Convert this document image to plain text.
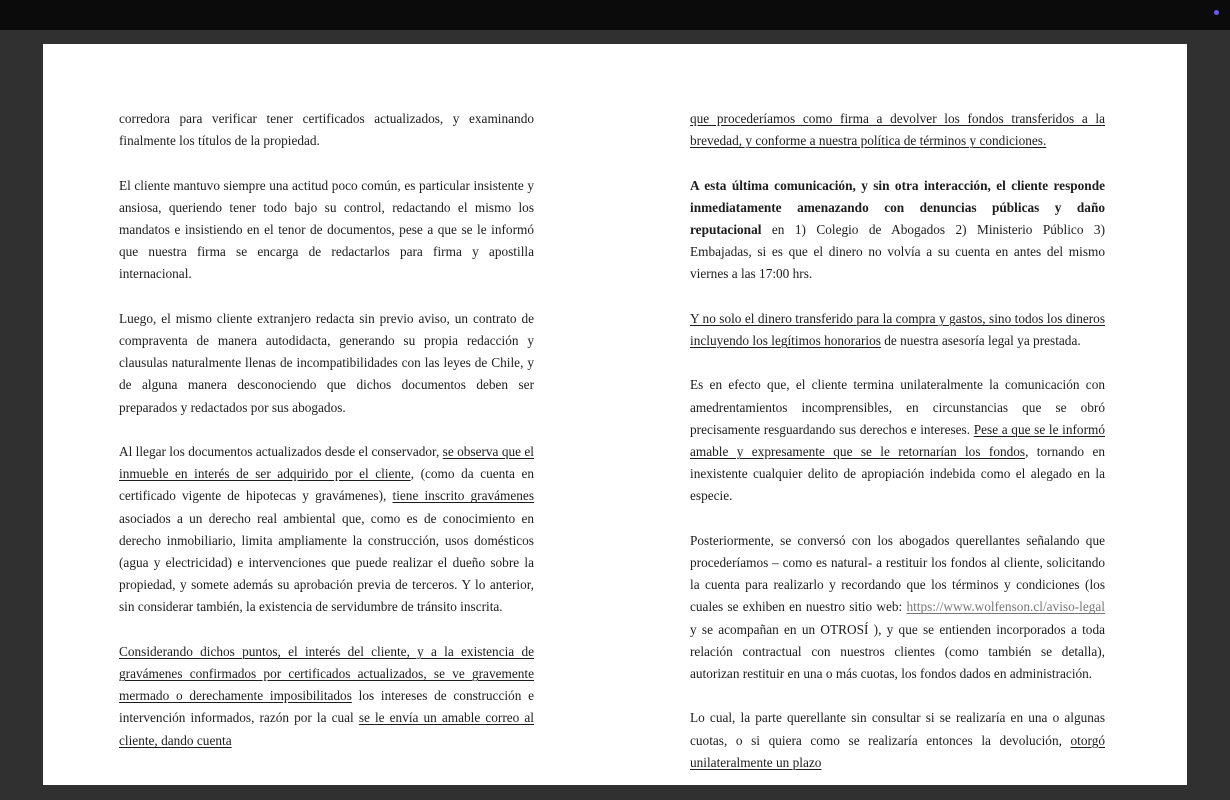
corredora para verificar tener certificados actualizados, y examinando finalmente los títulos de la propiedad.

El cliente mantuvo siempre una actitud poco común, es particular insistente y ansiosa, queriendo tener todo bajo su control, redactando el mismo los mandatos e insistiendo en el tenor de documentos, pese a que se le informó que nuestra firma se encarga de redactarlos para firma y apostilla internacional.

Luego, el mismo cliente extranjero redacta sin previo aviso, un contrato de compraventa de manera autodidacta, generando su propia redacción y clausulas naturalmente llenas de incompatibilidades con las leyes de Chile, y de alguna manera desconociendo que dichos documentos deben ser preparados y redactados por sus abogados.

Al llegar los documentos actualizados desde el conservador, se observa que el inmueble en interés de ser adquirido por el cliente, (como da cuenta en certificado vigente de hipotecas y gravámenes), tiene inscrito gravámenes asociados a un derecho real ambiental que, como es de conocimiento en derecho inmobiliario, limita ampliamente la construcción, usos domésticos (agua y electricidad) e intervenciones que puede realizar el dueño sobre la propiedad, y somete además su aprobación previa de terceros. Y lo anterior, sin considerar también, la existencia de servidumbre de tránsito inscrita.

Considerando dichos puntos, el interés del cliente, y a la existencia de gravámenes confirmados por certificados actualizados, se ve gravemente mermado o derechamente imposibilitados los intereses de construcción e intervención informados, razón por la cual se le envía un amable correo al cliente, dando cuenta

que procederíamos como firma a devolver los fondos transferidos a la brevedad, y conforme a nuestra política de términos y condiciones.

A esta última comunicación, y sin otra interacción, el cliente responde inmediatamente amenazando con denuncias públicas y daño reputacional en 1) Colegio de Abogados 2) Ministerio Público 3) Embajadas, si es que el dinero no volvía a su cuenta en antes del mismo viernes a las 17:00 hrs.

Y no solo el dinero transferido para la compra y gastos, sino todos los dineros incluyendo los legítimos honorarios de nuestra asesoría legal ya prestada.

Es en efecto que, el cliente termina unilateralmente la comunicación con amedrentamientos incomprensibles, en circunstancias que se obró precisamente resguardando sus derechos e intereses. Pese a que se le informó amable y expresamente que se le retornarían los fondos, tornando en inexistente cualquier delito de apropiación indebida como el alegado en la especie.

Posteriormente, se conversó con los abogados querellantes señalando que procederíamos – como es natural- a restituir los fondos al cliente, solicitando la cuenta para realizarlo y recordando que los términos y condiciones (los cuales se exhiben en nuestro sitio web: https://www.wolfenson.cl/aviso-legal y se acompañan en un OTROSÍ ), y que se entienden incorporados a toda relación contractual con nuestros clientes (como también se detalla), autorizan restituir en una o más cuotas, los fondos dados en administración.

Lo cual, la parte querellante sin consultar si se realizaría en una o algunas cuotas, o si quiera como se realizaría entonces la devolución, otorgó unilateralmente un plazo
